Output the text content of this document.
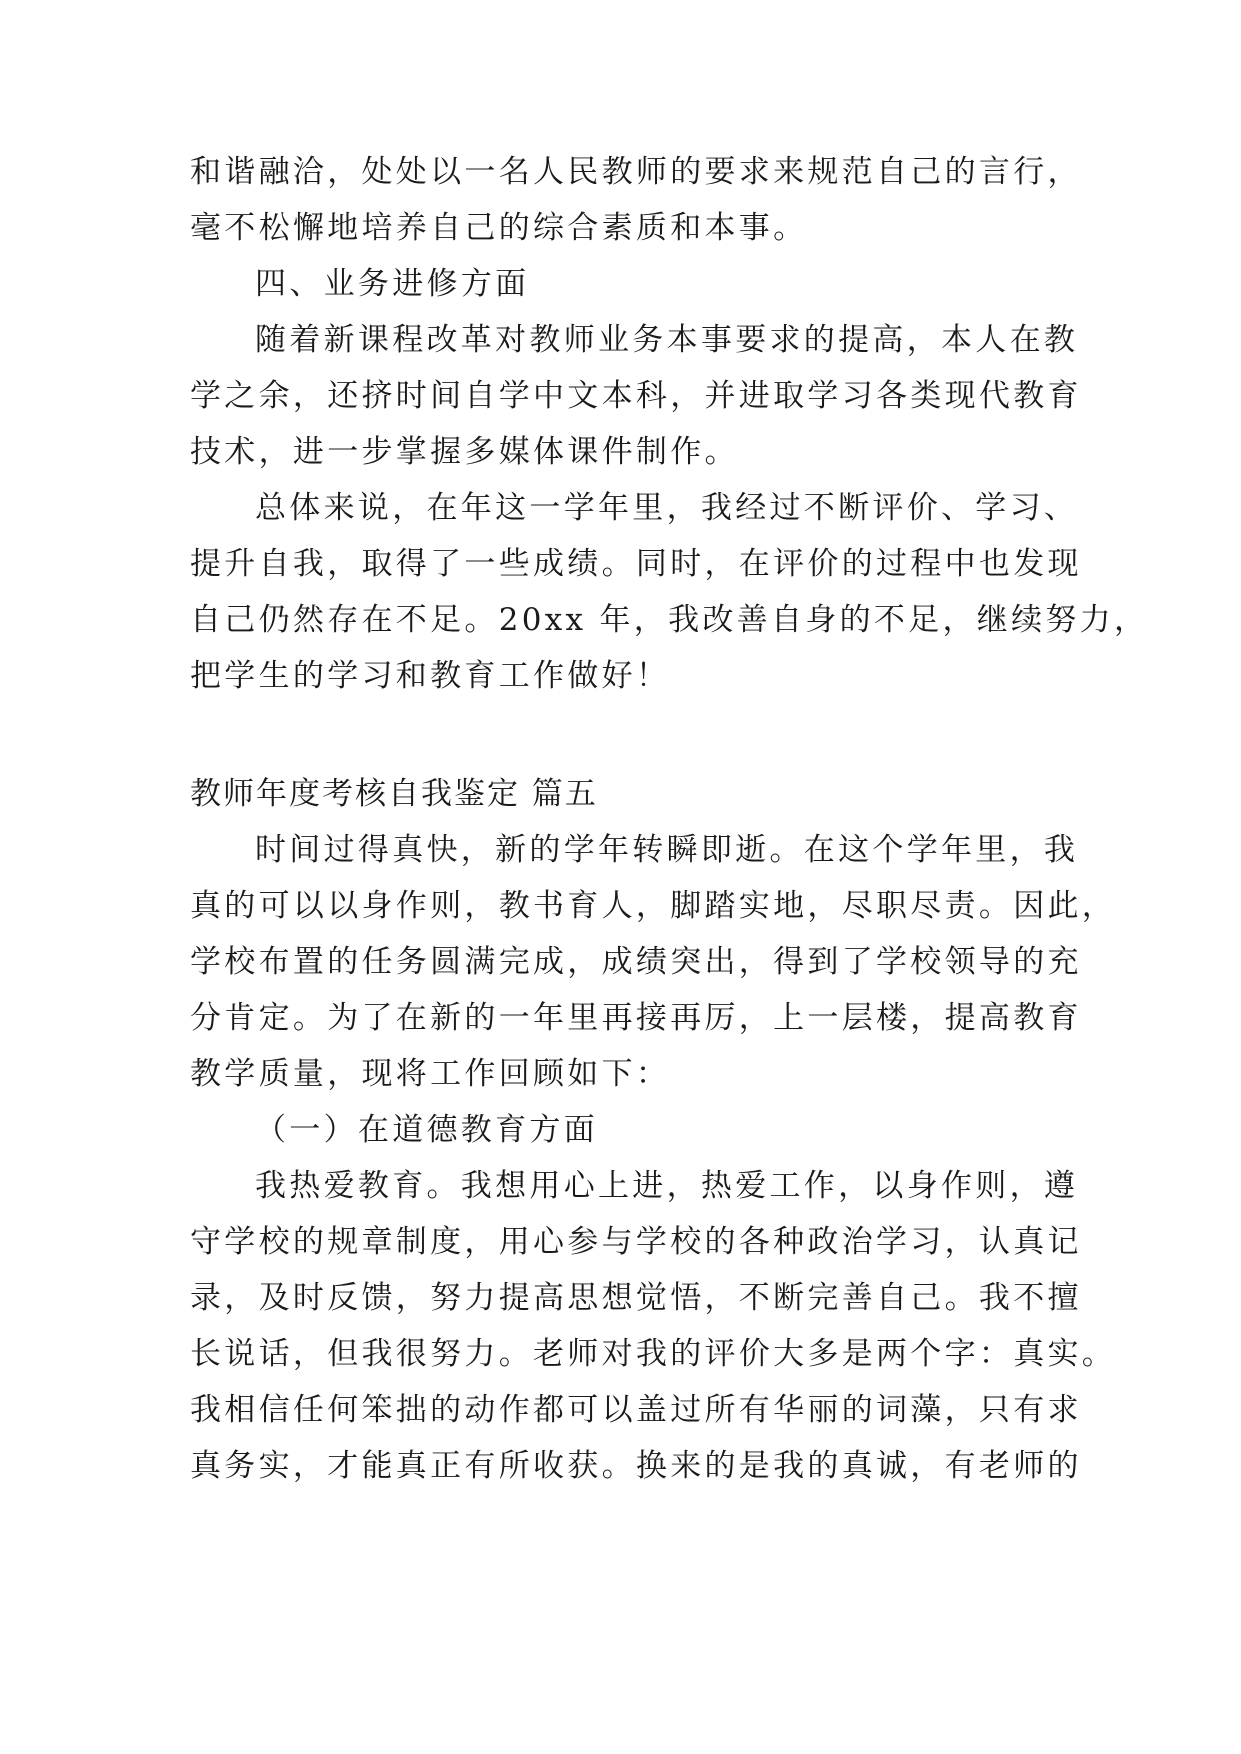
和谐融洽，处处以一名人民教师的要求来规范自己的言行，
毫不松懈地培养自己的综合素质和本事。
四、业务进修方面
随着新课程改革对教师业务本事要求的提高，本人在教
学之余，还挤时间自学中文本科，并进取学习各类现代教育
技术，进一步掌握多媒体课件制作。
总体来说，在年这一学年里，我经过不断评价、学习、
提升自我，取得了一些成绩。同时，在评价的过程中也发现
自己仍然存在不足。20xx 年，我改善自身的不足，继续努力，
把学生的学习和教育工作做好！
教师年度考核自我鉴定 篇五
时间过得真快，新的学年转瞬即逝。在这个学年里，我
真的可以以身作则，教书育人，脚踏实地，尽职尽责。因此，
学校布置的任务圆满完成，成绩突出，得到了学校领导的充
分肯定。为了在新的一年里再接再厉，上一层楼，提高教育
教学质量，现将工作回顾如下：
（一）在道德教育方面
我热爱教育。我想用心上进，热爱工作，以身作则，遵
守学校的规章制度，用心参与学校的各种政治学习，认真记
录，及时反馈，努力提高思想觉悟，不断完善自己。我不擅
长说话，但我很努力。老师对我的评价大多是两个字：真实。
我相信任何笨拙的动作都可以盖过所有华丽的词藻，只有求
真务实，才能真正有所收获。换来的是我的真诚，有老师的
